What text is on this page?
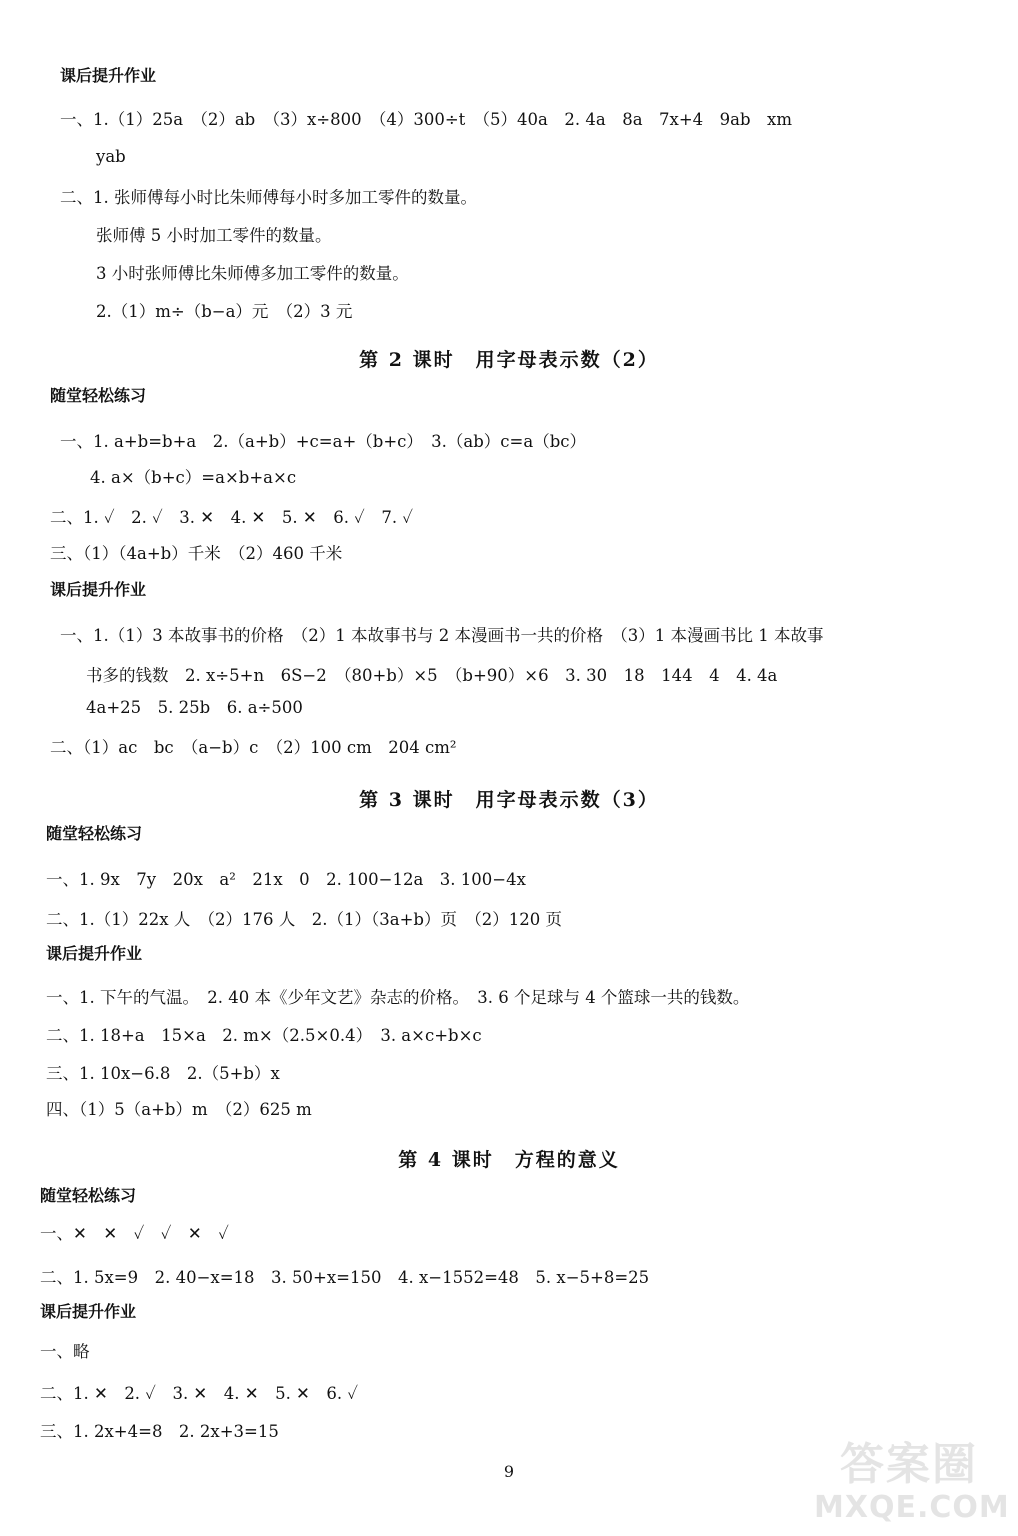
课后提升作业
一、1.（1）25a　（2）ab　（3）x÷800　（4）300÷t　（5）40a　2. 4a　8a　7x+4　9ab　xm
yab
二、1. 张师傅每小时比朱师傅每小时多加工零件的数量。
张师傅 5 小时加工零件的数量。
3 小时张师傅比朱师傅多加工零件的数量。
2.（1）m÷（b−a）元　（2）3 元
第 2 课时　用字母表示数（2）
随堂轻松练习
一、1. a+b=b+a　2.（a+b）+c=a+（b+c）　3.（ab）c=a（bc）
4. a×（b+c）=a×b+a×c
二、1. ✓　2. ✓　3. ✕　4. ✕　5. ✕　6. ✓　7. ✓
三、（1）（4a+b）千米　（2）460 千米
课后提升作业
一、1.（1）3 本故事书的价格　（2）1 本故事书与 2 本漫画书一共的价格　（3）1 本漫画书比 1 本故事
书多的钱数　2. x÷5+n　6S−2　（80+b）×5　（b+90）×6　3. 30　18　144　4　4. 4a
4a+25　5. 25b　6. a÷500
二、（1）ac　bc　（a−b）c　（2）100 cm　204 cm²
第 3 课时　用字母表示数（3）
随堂轻松练习
一、1. 9x　7y　20x　a²　21x　0　2. 100−12a　3. 100−4x
二、1.（1）22x 人　（2）176 人　2.（1）（3a+b）页　（2）120 页
课后提升作业
一、1. 下午的气温。　2. 40 本《少年文艺》杂志的价格。　3. 6 个足球与 4 个篮球一共的钱数。
二、1. 18+a　15×a　2. m×（2.5×0.4）　3. a×c+b×c
三、1. 10x−6.8　2.（5+b）x
四、（1）5（a+b）m　（2）625 m
第 4 课时　方程的意义
随堂轻松练习
一、✕　✕　✓　✓　✕　✓
二、1. 5x=9　2. 40−x=18　3. 50+x=150　4. x−1552=48　5. x−5+8=25
课后提升作业
一、略
二、1. ✕　2. ✓　3. ✕　4. ✕　5. ✕　6. ✓
三、1. 2x+4=8　2. 2x+3=15
9	答案圈
MXQE.COM
